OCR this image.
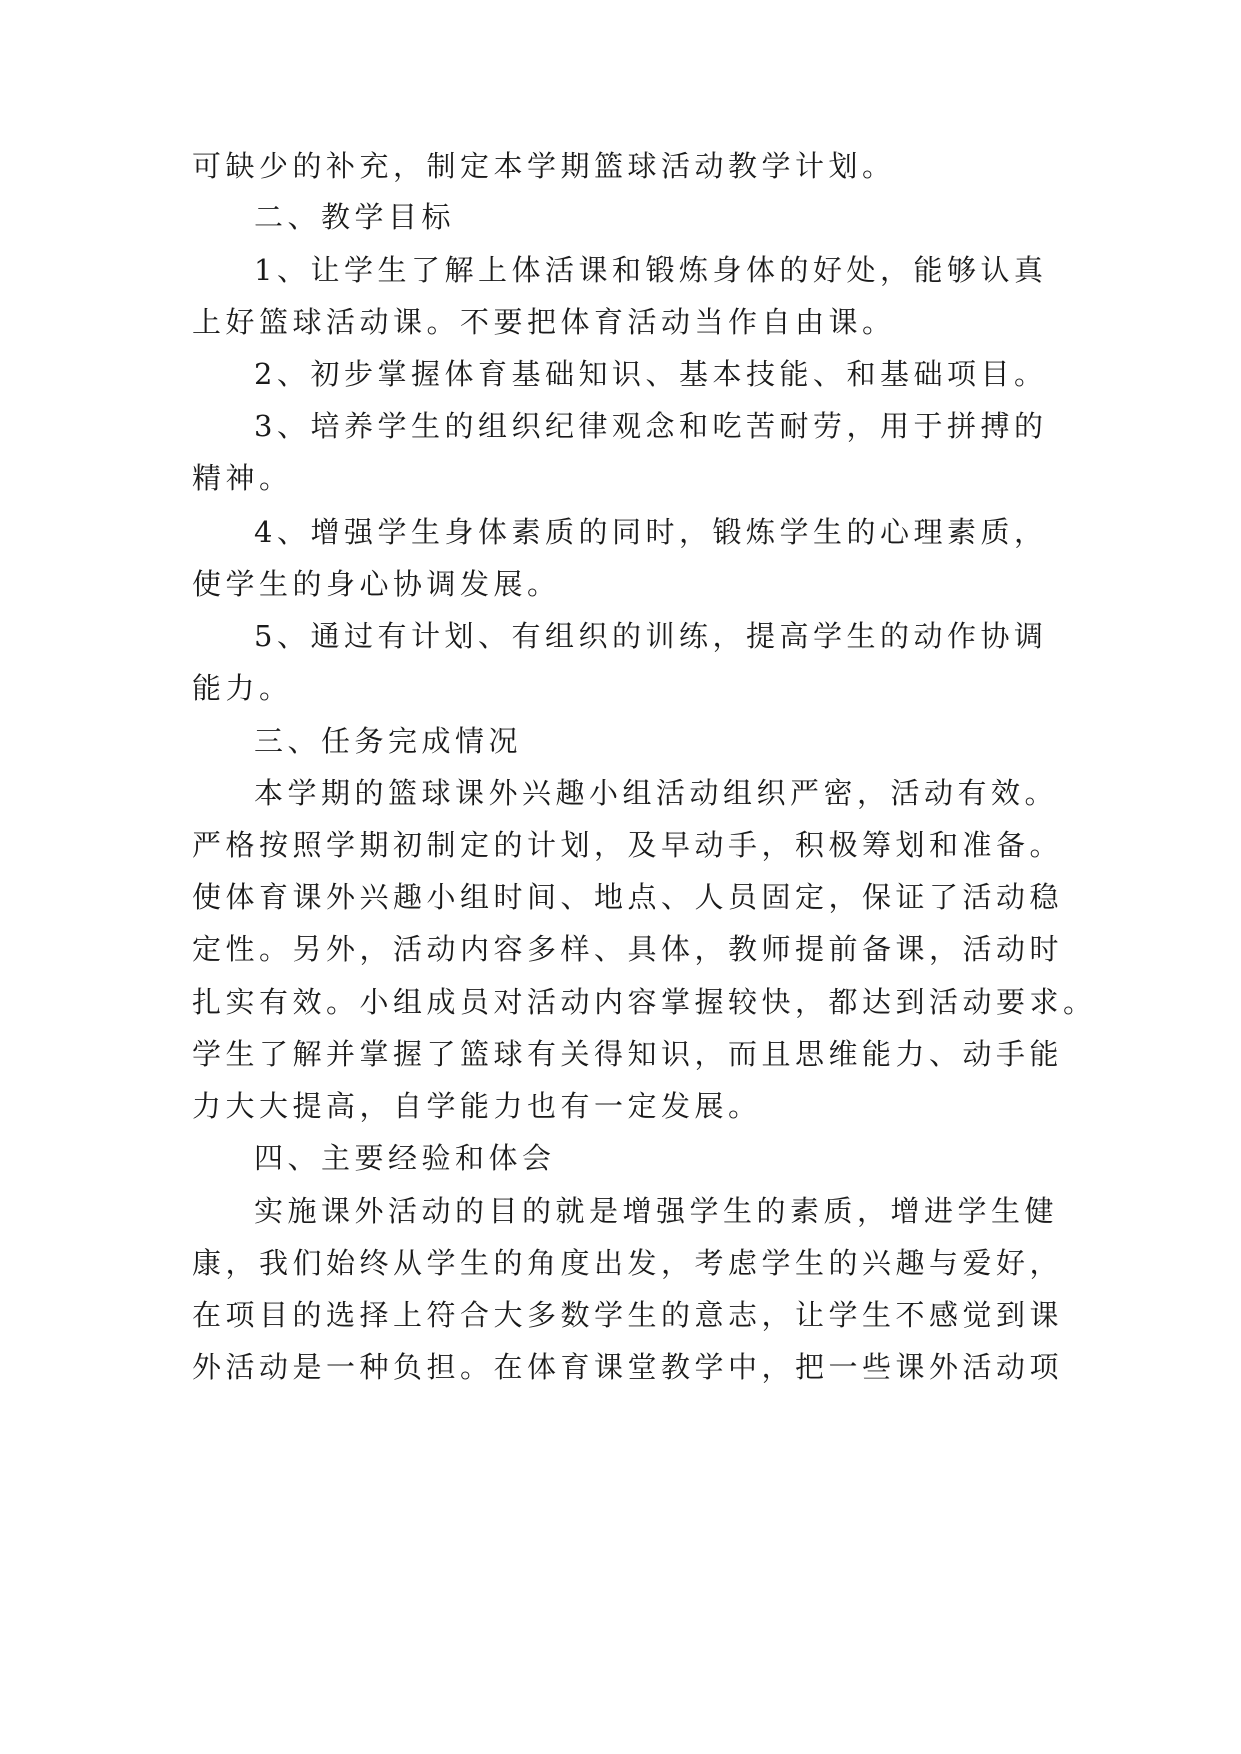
可缺少的补充，制定本学期篮球活动教学计划。
二、教学目标
1、让学生了解上体活课和锻炼身体的好处，能够认真
上好篮球活动课。不要把体育活动当作自由课。
2、初步掌握体育基础知识、基本技能、和基础项目。
3、培养学生的组织纪律观念和吃苦耐劳，用于拼搏的
精神。
4、增强学生身体素质的同时，锻炼学生的心理素质，
使学生的身心协调发展。
5、通过有计划、有组织的训练，提高学生的动作协调
能力。
三、任务完成情况
本学期的篮球课外兴趣小组活动组织严密，活动有效。
严格按照学期初制定的计划，及早动手，积极筹划和准备。
使体育课外兴趣小组时间、地点、人员固定，保证了活动稳
定性。另外，活动内容多样、具体，教师提前备课，活动时
扎实有效。小组成员对活动内容掌握较快，都达到活动要求。
学生了解并掌握了篮球有关得知识，而且思维能力、动手能
力大大提高，自学能力也有一定发展。
四、主要经验和体会
实施课外活动的目的就是增强学生的素质，增进学生健
康，我们始终从学生的角度出发，考虑学生的兴趣与爱好，
在项目的选择上符合大多数学生的意志，让学生不感觉到课
外活动是一种负担。在体育课堂教学中，把一些课外活动项
